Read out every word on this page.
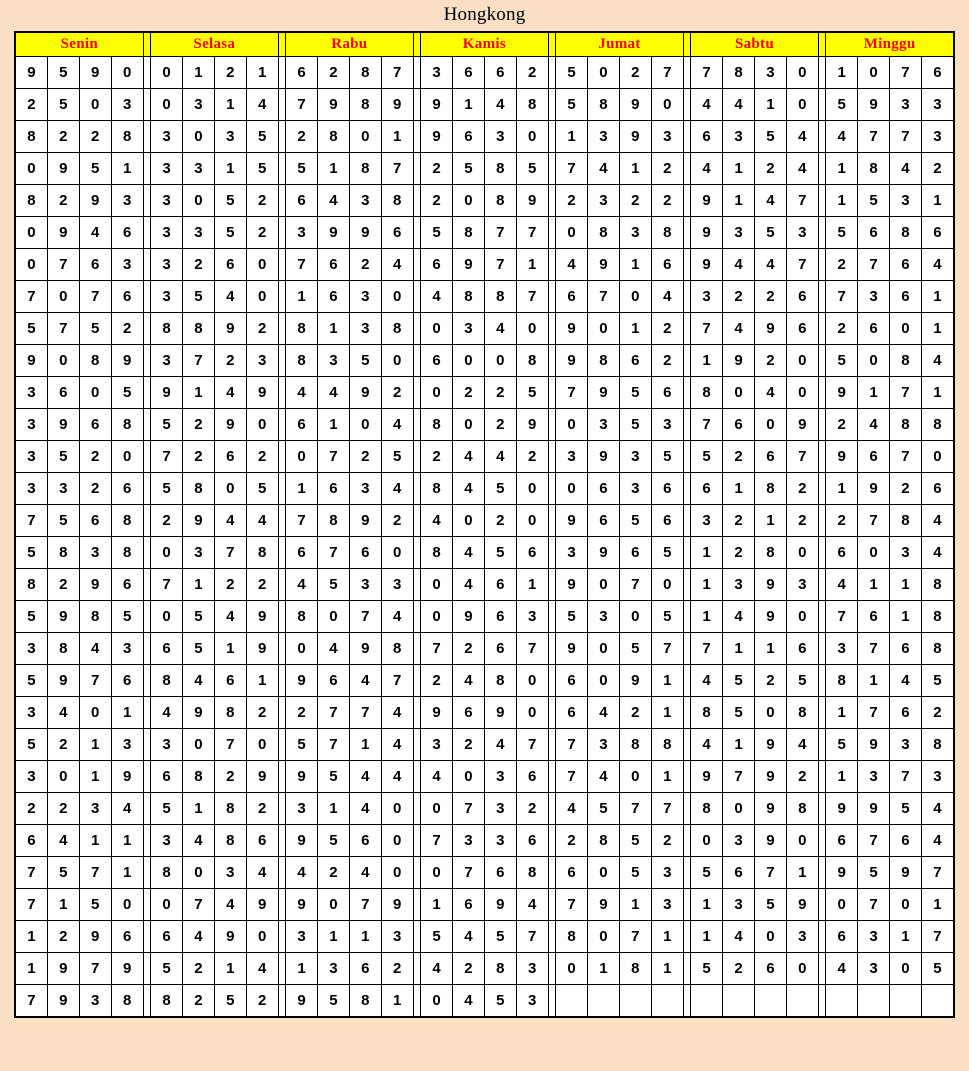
Hongkong
Senin					Selasa					Rabu					Kamis					Jumat					Sabtu					Minggu			
9	5	9	0		0	1	2	1		6	2	8	7		3	6	6	2		5	0	2	7		7	8	3	0		1	0	7	6
2	5	0	3		0	3	1	4		7	9	8	9		9	1	4	8		5	8	9	0		4	4	1	0		5	9	3	3
8	2	2	8		3	0	3	5		2	8	0	1		9	6	3	0		1	3	9	3		6	3	5	4		4	7	7	3
0	9	5	1		3	3	1	5		5	1	8	7		2	5	8	5		7	4	1	2		4	1	2	4		1	8	4	2
8	2	9	3		3	0	5	2		6	4	3	8		2	0	8	9		2	3	2	2		9	1	4	7		1	5	3	1
0	9	4	6		3	3	5	2		3	9	9	6		5	8	7	7		0	8	3	8		9	3	5	3		5	6	8	6
0	7	6	3		3	2	6	0		7	6	2	4		6	9	7	1		4	9	1	6		9	4	4	7		2	7	6	4
7	0	7	6		3	5	4	0		1	6	3	0		4	8	8	7		6	7	0	4		3	2	2	6		7	3	6	1
5	7	5	2		8	8	9	2		8	1	3	8		0	3	4	0		9	0	1	2		7	4	9	6		2	6	0	1
9	0	8	9		3	7	2	3		8	3	5	0		6	0	0	8		9	8	6	2		1	9	2	0		5	0	8	4
3	6	0	5		9	1	4	9		4	4	9	2		0	2	2	5		7	9	5	6		8	0	4	0		9	1	7	1
3	9	6	8		5	2	9	0		6	1	0	4		8	0	2	9		0	3	5	3		7	6	0	9		2	4	8	8
3	5	2	0		7	2	6	2		0	7	2	5		2	4	4	2		3	9	3	5		5	2	6	7		9	6	7	0
3	3	2	6		5	8	0	5		1	6	3	4		8	4	5	0		0	6	3	6		6	1	8	2		1	9	2	6
7	5	6	8		2	9	4	4		7	8	9	2		4	0	2	0		9	6	5	6		3	2	1	2		2	7	8	4
5	8	3	8		0	3	7	8		6	7	6	0		8	4	5	6		3	9	6	5		1	2	8	0		6	0	3	4
8	2	9	6		7	1	2	2		4	5	3	3		0	4	6	1		9	0	7	0		1	3	9	3		4	1	1	8
5	9	8	5		0	5	4	9		8	0	7	4		0	9	6	3		5	3	0	5		1	4	9	0		7	6	1	8
3	8	4	3		6	5	1	9		0	4	9	8		7	2	6	7		9	0	5	7		7	1	1	6		3	7	6	8
5	9	7	6		8	4	6	1		9	6	4	7		2	4	8	0		6	0	9	1		4	5	2	5		8	1	4	5
3	4	0	1		4	9	8	2		2	7	7	4		9	6	9	0		6	4	2	1		8	5	0	8		1	7	6	2
5	2	1	3		3	0	7	0		5	7	1	4		3	2	4	7		7	3	8	8		4	1	9	4		5	9	3	8
3	0	1	9		6	8	2	9		9	5	4	4		4	0	3	6		7	4	0	1		9	7	9	2		1	3	7	3
2	2	3	4		5	1	8	2		3	1	4	0		0	7	3	2		4	5	7	7		8	0	9	8		9	9	5	4
6	4	1	1		3	4	8	6		9	5	6	0		7	3	3	6		2	8	5	2		0	3	9	0		6	7	6	4
7	5	7	1		8	0	3	4		4	2	4	0		0	7	6	8		6	0	5	3		5	6	7	1		9	5	9	7
7	1	5	0		0	7	4	9		9	0	7	9		1	6	9	4		7	9	1	3		1	3	5	9		0	7	0	1
1	2	9	6		6	4	9	0		3	1	1	3		5	4	5	7		8	0	7	1		1	4	0	3		6	3	1	7
1	9	7	9		5	2	1	4		1	3	6	2		4	2	8	3		0	1	8	1		5	2	6	0		4	3	0	5
7	9	3	8		8	2	5	2		9	5	8	1		0	4	5	3															
